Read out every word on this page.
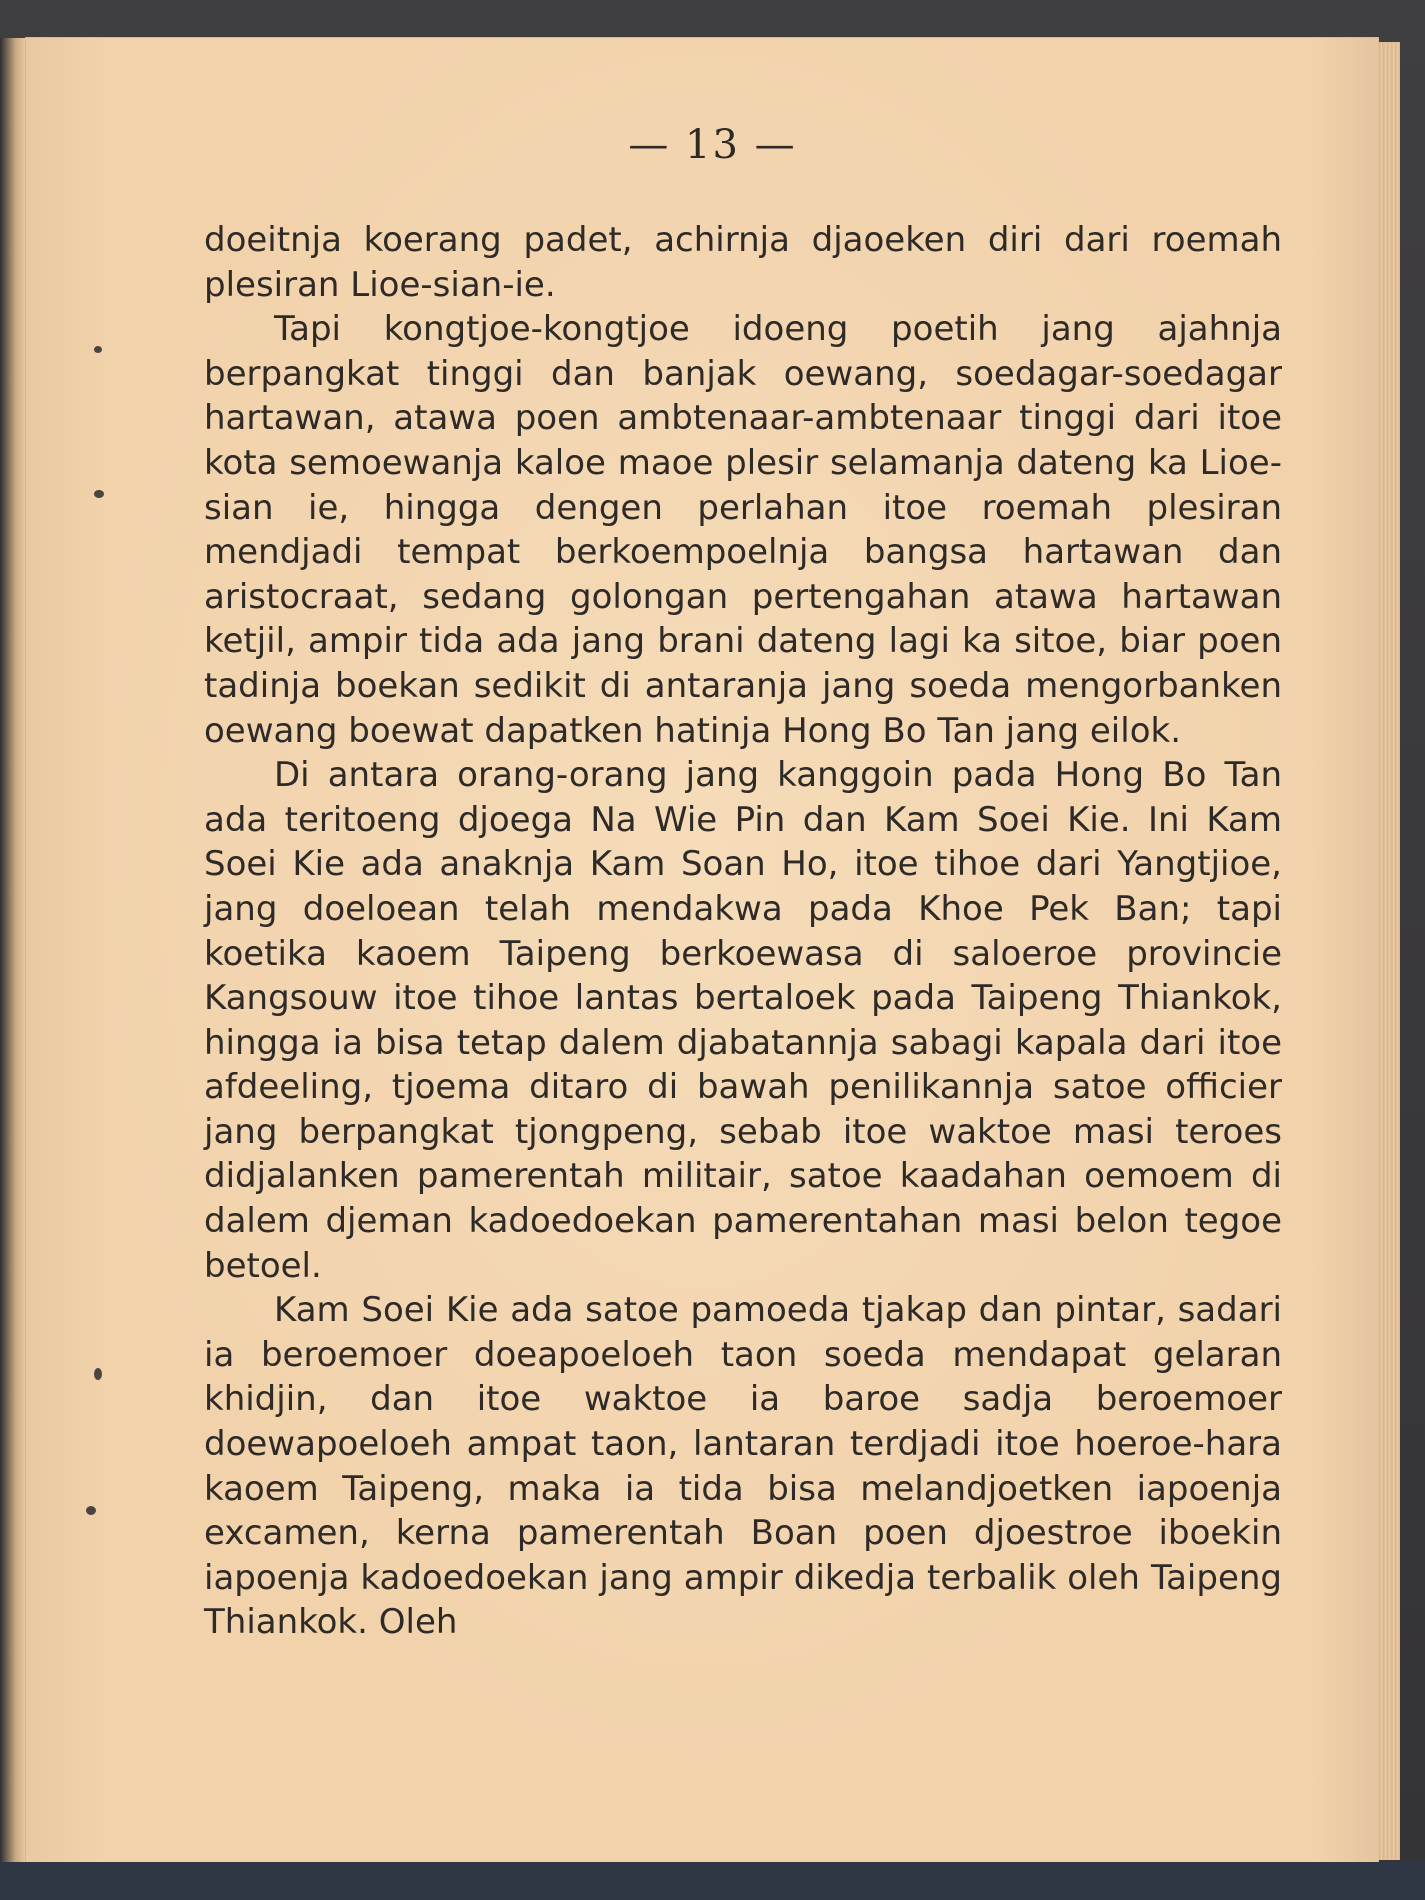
— 13 —

doeitnja koerang padet, achirnja djaoeken diri dari roemah plesiran Lioe-sian-ie.

Tapi kongtjoe-kongtjoe idoeng poetih jang ajahnja berpangkat tinggi dan banjak oewang, soedagar-soedagar hartawan, atawa poen ambtenaar-ambtenaar tinggi dari itoe kota semoewanja kaloe maoe plesir selamanja dateng ka Lioe-sian ie, hingga dengen perlahan itoe roemah plesiran mendjadi tempat berkoempoelnja bangsa hartawan dan aristocraat, sedang golongan pertengahan atawa hartawan ketjil, ampir tida ada jang brani dateng lagi ka sitoe, biar poen tadinja boekan sedikit di antaranja jang soeda mengorbanken oewang boewat dapatken hatinja Hong Bo Tan jang eilok.

Di antara orang-orang jang kanggoin pada Hong Bo Tan ada teritoeng djoega Na Wie Pin dan Kam Soei Kie. Ini Kam Soei Kie ada anaknja Kam Soan Ho, itoe tihoe dari Yangtjioe, jang doeloean telah mendakwa pada Khoe Pek Ban; tapi koetika kaoem Taipeng berkoewasa di saloeroe provincie Kangsouw itoe tihoe lantas bertaloek pada Taipeng Thiankok, hingga ia bisa tetap dalem djabatannja sabagi kapala dari itoe afdeeling, tjoema ditaro di bawah penilikannja satoe officier jang berpangkat tjongpeng, sebab itoe waktoe masi teroes didjalanken pamerentah militair, satoe kaadahan oemoem di dalem djeman kadoedoekan pamerentahan masi belon tegoe betoel.

Kam Soei Kie ada satoe pamoeda tjakap dan pintar, sadari ia beroemoer doeapoeloeh taon soeda mendapat gelaran khidjin, dan itoe waktoe ia baroe sadja beroemoer doewapoeloeh ampat taon, lantaran terdjadi itoe hoeroe-hara kaoem Taipeng, maka ia tida bisa melandjoetken iapoenja excamen, kerna pamerentah Boan poen djoestroe iboekin iapoenja kadoedoekan jang ampir dikedja terbalik oleh Taipeng Thiankok. Oleh
